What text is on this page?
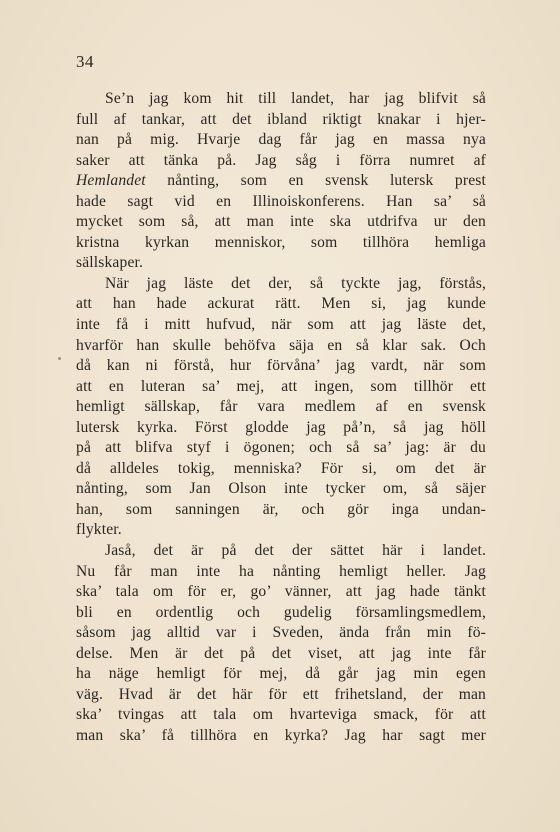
34
Se’n jag kom hit till landet, har jag blifvit så
full af tankar, att det ibland riktigt knakar i hjer-
nan på mig. Hvarje dag får jag en massa nya
saker att tänka på. Jag såg i förra numret af
Hemlandet nånting, som en svensk lutersk prest
hade sagt vid en Illinoiskonferens. Han sa’ så
mycket som så, att man inte ska utdrifva ur den
kristna kyrkan menniskor, som tillhöra hemliga
sällskaper.
När jag läste det der, så tyckte jag, förstås,
att han hade ackurat rätt. Men si, jag kunde
inte få i mitt hufvud, när som att jag läste det,
hvarför han skulle behöfva säja en så klar sak. Och
då kan ni förstå, hur förvåna’ jag vardt, när som
att en luteran sa’ mej, att ingen, som tillhör ett
hemligt sällskap, får vara medlem af en svensk
lutersk kyrka. Först glodde jag på’n, så jag höll
på att blifva styf i ögonen; och så sa’ jag: är du
då alldeles tokig, menniska? För si, om det är
nånting, som Jan Olson inte tycker om, så säjer
han, som sanningen är, och gör inga undan-
flykter.
Jaså, det är på det der sättet här i landet.
Nu får man inte ha nånting hemligt heller. Jag
ska’ tala om för er, go’ vänner, att jag hade tänkt
bli en ordentlig och gudelig församlingsmedlem,
såsom jag alltid var i Sveden, ända från min fö-
delse. Men är det på det viset, att jag inte får
ha näge hemligt för mej, då går jag min egen
väg. Hvad är det här för ett frihetsland, der man
ska’ tvingas att tala om hvarteviga smack, för att
man ska’ få tillhöra en kyrka? Jag har sagt mer
